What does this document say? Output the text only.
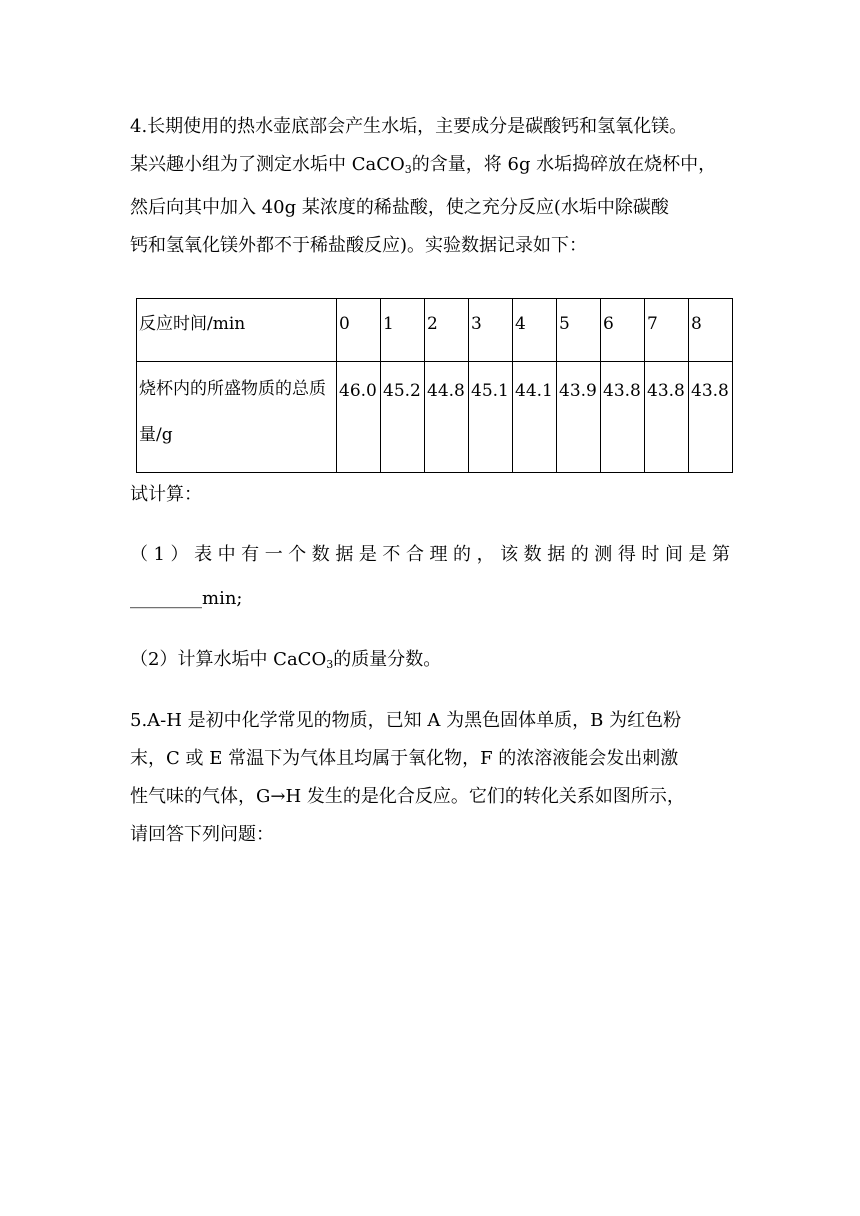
4.长期使用的热水壶底部会产生水垢，主要成分是碳酸钙和氢氧化镁。
某兴趣小组为了测定水垢中 CaCO$_3$的含量，将 6g 水垢捣碎放在烧杯中，
然后向其中加入 40g 某浓度的稀盐酸，使之充分反应(水垢中除碳酸
钙和氢氧化镁外都不于稀盐酸反应)。实验数据记录如下：
反应时间/min	0	1	2	3	4	5	6	7	8
烧杯内的所盛物质的总质量/g	46.0	45.2	44.8	45.1	44.1	43.9	43.8	43.8	43.8
试计算：
（1）表中有一个数据是不合理的，该数据的测得时间是第
________min;
（2）计算水垢中 CaCO$_3$的质量分数。
5.A-H 是初中化学常见的物质，已知 A 为黑色固体单质，B 为红色粉
末，C 或 E 常温下为气体且均属于氧化物，F 的浓溶液能会发出刺激
性气味的气体，G→H 发生的是化合反应。它们的转化关系如图所示，
请回答下列问题：
